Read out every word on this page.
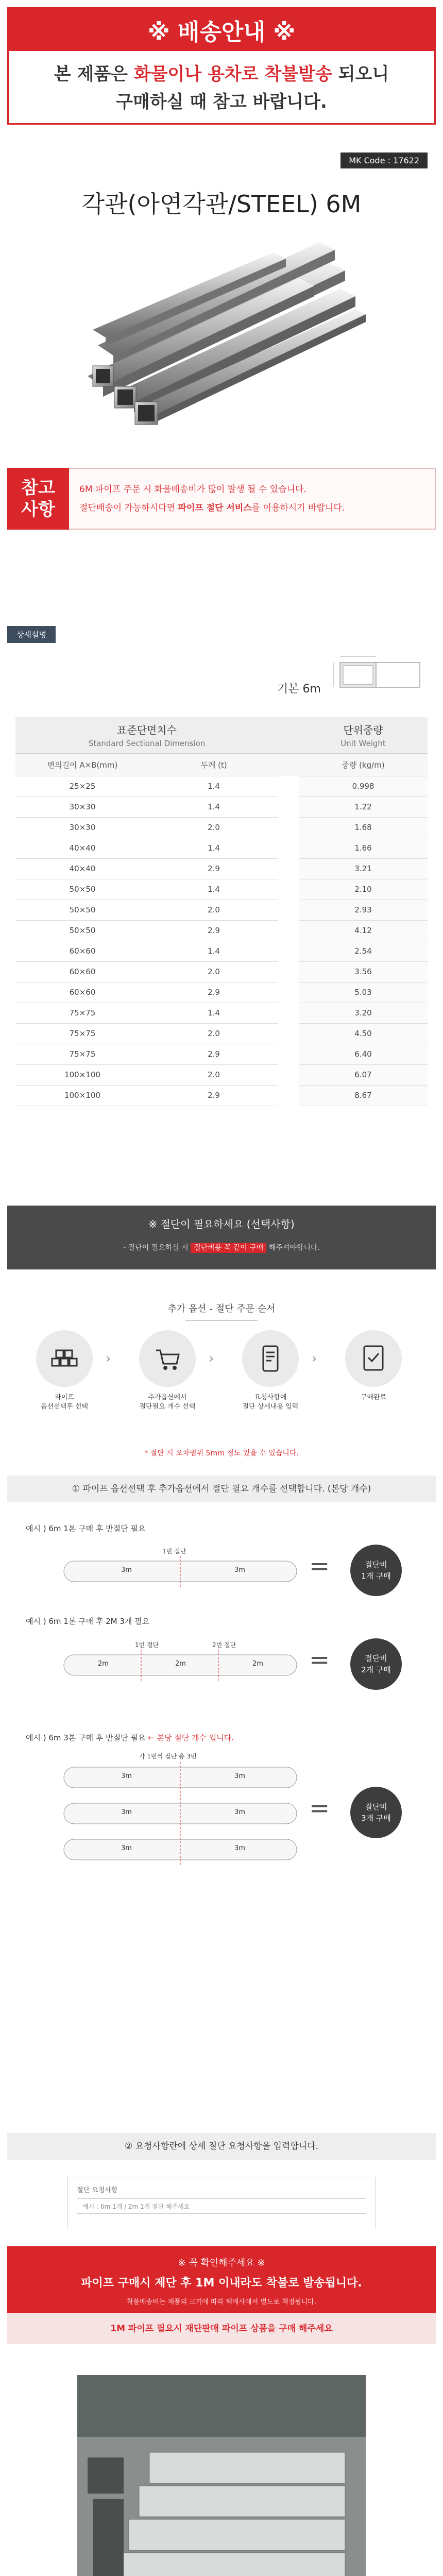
※ 배송안내 ※
본 제품은 화물이나 용차로 착불발송 되오니
구매하실 때 참고 바랍니다.
MK Code : 17622
각관(아연각관/STEEL) 6M
참고
사항
6M 파이프 주문 시 화물배송비가 많이 발생 될 수 있습니다.
절단배송이 가능하시다면 파이프 절단 서비스를 이용하시기 바랍니다.
상세설명
기본 6m
표준단면치수
Standard Sectional Dimension			단위중량
Unit Weight

변의길이 A×B(mm)	두께 (t)		중량 (kg/m)
25×25	1.4		0.998
30×30	1.4		1.22
30×30	2.0		1.68
40×40	1.4		1.66
40×40	2.9		3.21
50×50	1.4		2.10
50×50	2.0		2.93
50×50	2.9		4.12
60×60	1.4		2.54
60×60	2.0		3.56
60×60	2.9		5.03
75×75	1.4		3.20
75×75	2.0		4.50
75×75	2.9		6.40
100×100	2.0		6.07
100×100	2.9		8.67
※ 절단이 필요하세요 (선택사항)
- 절단이 필요하실 시 절단비용 꼭 같이 구매 해주셔야합니다.
추가 옵션 - 절단 주문 순서
파이프
옵션선택후 선택
›
추가옵션에서
절단필요 개수 선택
›
요청사항에
절단 상세내용 입력
›
구매완료
* 절단 시 오차범위 5mm 정도 있을 수 있습니다.
① 파이프 옵션선택 후 추가옵션에서 절단 필요 개수를 선택합니다. (본당 개수)
예시 ) 6m 1본 구매 후 반절단 필요
1번 절단
3m	3m	=	절단비
1개 구매
예시 ) 6m 1본 구매 후 2M 3개 필요
1번 절단	2번 절단
2m	2m	2m =	절단비
2개 구매
예시 ) 6m 3본 구매 후 반절단 필요 ← 본당 절단 개수 입니다.
각 1번씩 절단 총 3번
3m	3m
3m	3m
3m	3m
=	절단비
3개 구매
② 요청사항란에 상세 절단 요청사항을 입력합니다.
절단 요청사항
예시 : 6m 1개 / 2m 1개 절단 해주세요
※ 꼭 확인해주세요 ※
파이프 구매시 제단 후 1M 이내라도 착불로 발송됩니다.
착불배송비는 제품의 크기에 따라 택배사에서 별도로 책정됩니다.
1M 파이프 필요시 재단판매 파이프 상품을 구매 해주세요
